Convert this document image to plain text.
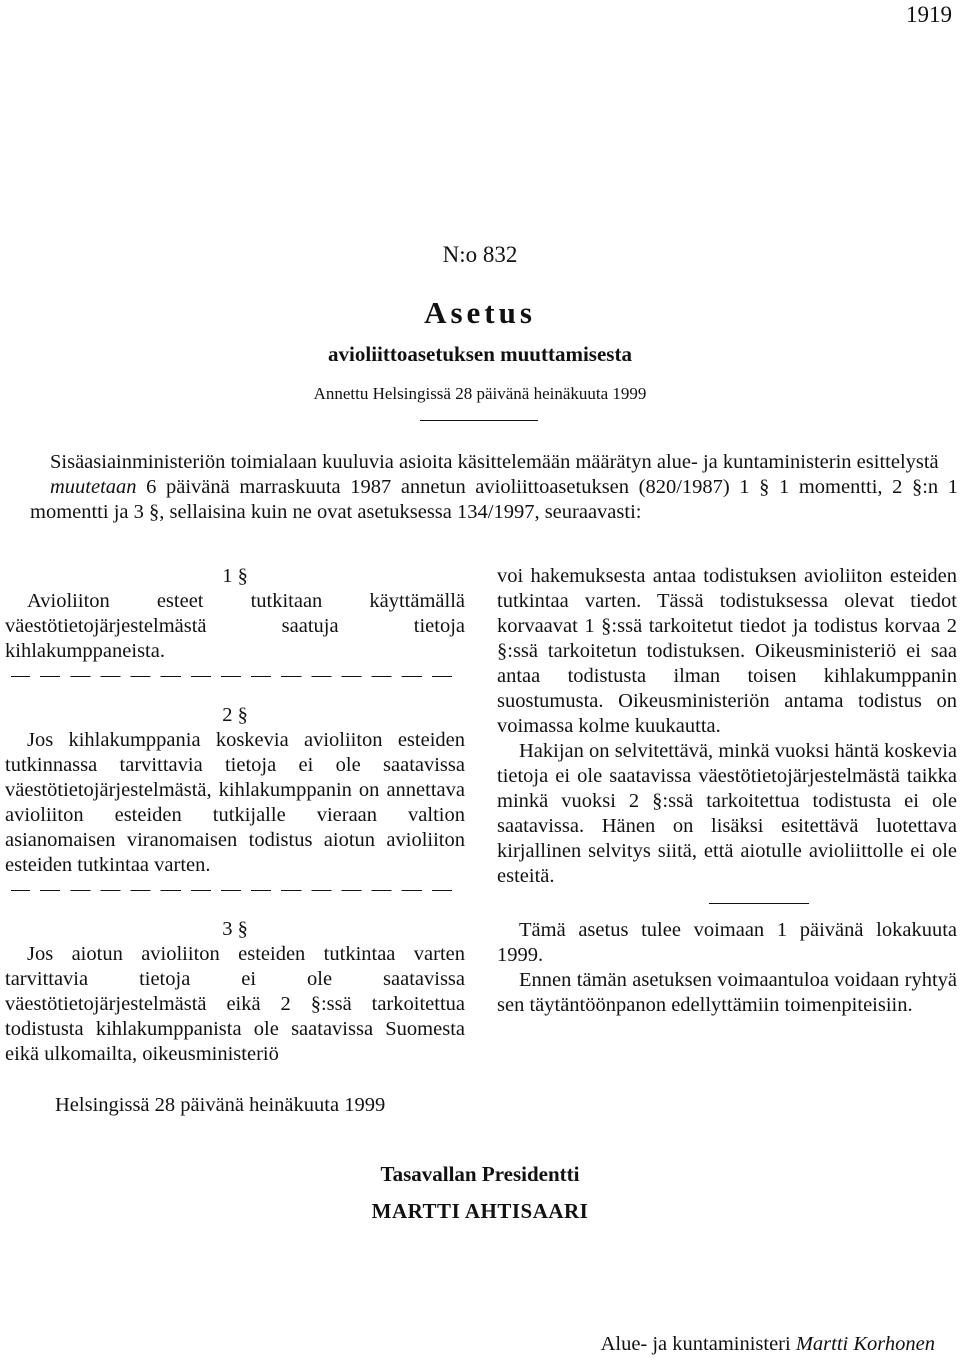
1919
N:o 832
Asetus
avioliittoasetuksen muuttamisesta
Annettu Helsingissä 28 päivänä heinäkuuta 1999

Sisäasiainministeriön toimialaan kuuluvia asioita käsittelemään määrätyn alue- ja kuntaministerin esittelystä

muutetaan 6 päivänä marraskuuta 1987 annetun avioliittoasetuksen (820/1987) 1 § 1 momentti, 2 §:n 1 momentti ja 3 §, sellaisina kuin ne ovat asetuksessa 134/1997, seuraavasti:

1 §

Avioliiton esteet tutkitaan käyttämällä väestötietojärjestelmästä saatuja tietoja kihlakumppaneista.

2 §

Jos kihlakumppania koskevia avioliiton esteiden tutkinnassa tarvittavia tietoja ei ole saatavissa väestötietojärjestelmästä, kihlakumppanin on annettava avioliiton esteiden tutkijalle vieraan valtion asianomaisen viranomaisen todistus aiotun avioliiton esteiden tutkintaa varten.

3 §

Jos aiotun avioliiton esteiden tutkintaa varten tarvittavia tietoja ei ole saatavissa väestötietojärjestelmästä eikä 2 §:ssä tarkoitettua todistusta kihlakumppanista ole saatavissa Suomesta eikä ulkomailta, oikeusministeriö

voi hakemuksesta antaa todistuksen avioliiton esteiden tutkintaa varten. Tässä todistuksessa olevat tiedot korvaavat 1 §:ssä tarkoitetut tiedot ja todistus korvaa 2 §:ssä tarkoitetun todistuksen. Oikeusministeriö ei saa antaa todistusta ilman toisen kihlakumppanin suostumusta. Oikeusministeriön antama todistus on voimassa kolme kuukautta.

Hakijan on selvitettävä, minkä vuoksi häntä koskevia tietoja ei ole saatavissa väestötietojärjestelmästä taikka minkä vuoksi 2 §:ssä tarkoitettua todistusta ei ole saatavissa. Hänen on lisäksi esitettävä luotettava kirjallinen selvitys siitä, että aiotulle avioliittolle ei ole esteitä.

Tämä asetus tulee voimaan 1 päivänä lokakuuta 1999.

Ennen tämän asetuksen voimaantuloa voidaan ryhtyä sen täytäntöönpanon edellyttämiin toimenpiteisiin.

Helsingissä 28 päivänä heinäkuuta 1999
Tasavallan Presidentti
MARTTI AHTISAARI
Alue- ja kuntaministeri Martti Korhonen
